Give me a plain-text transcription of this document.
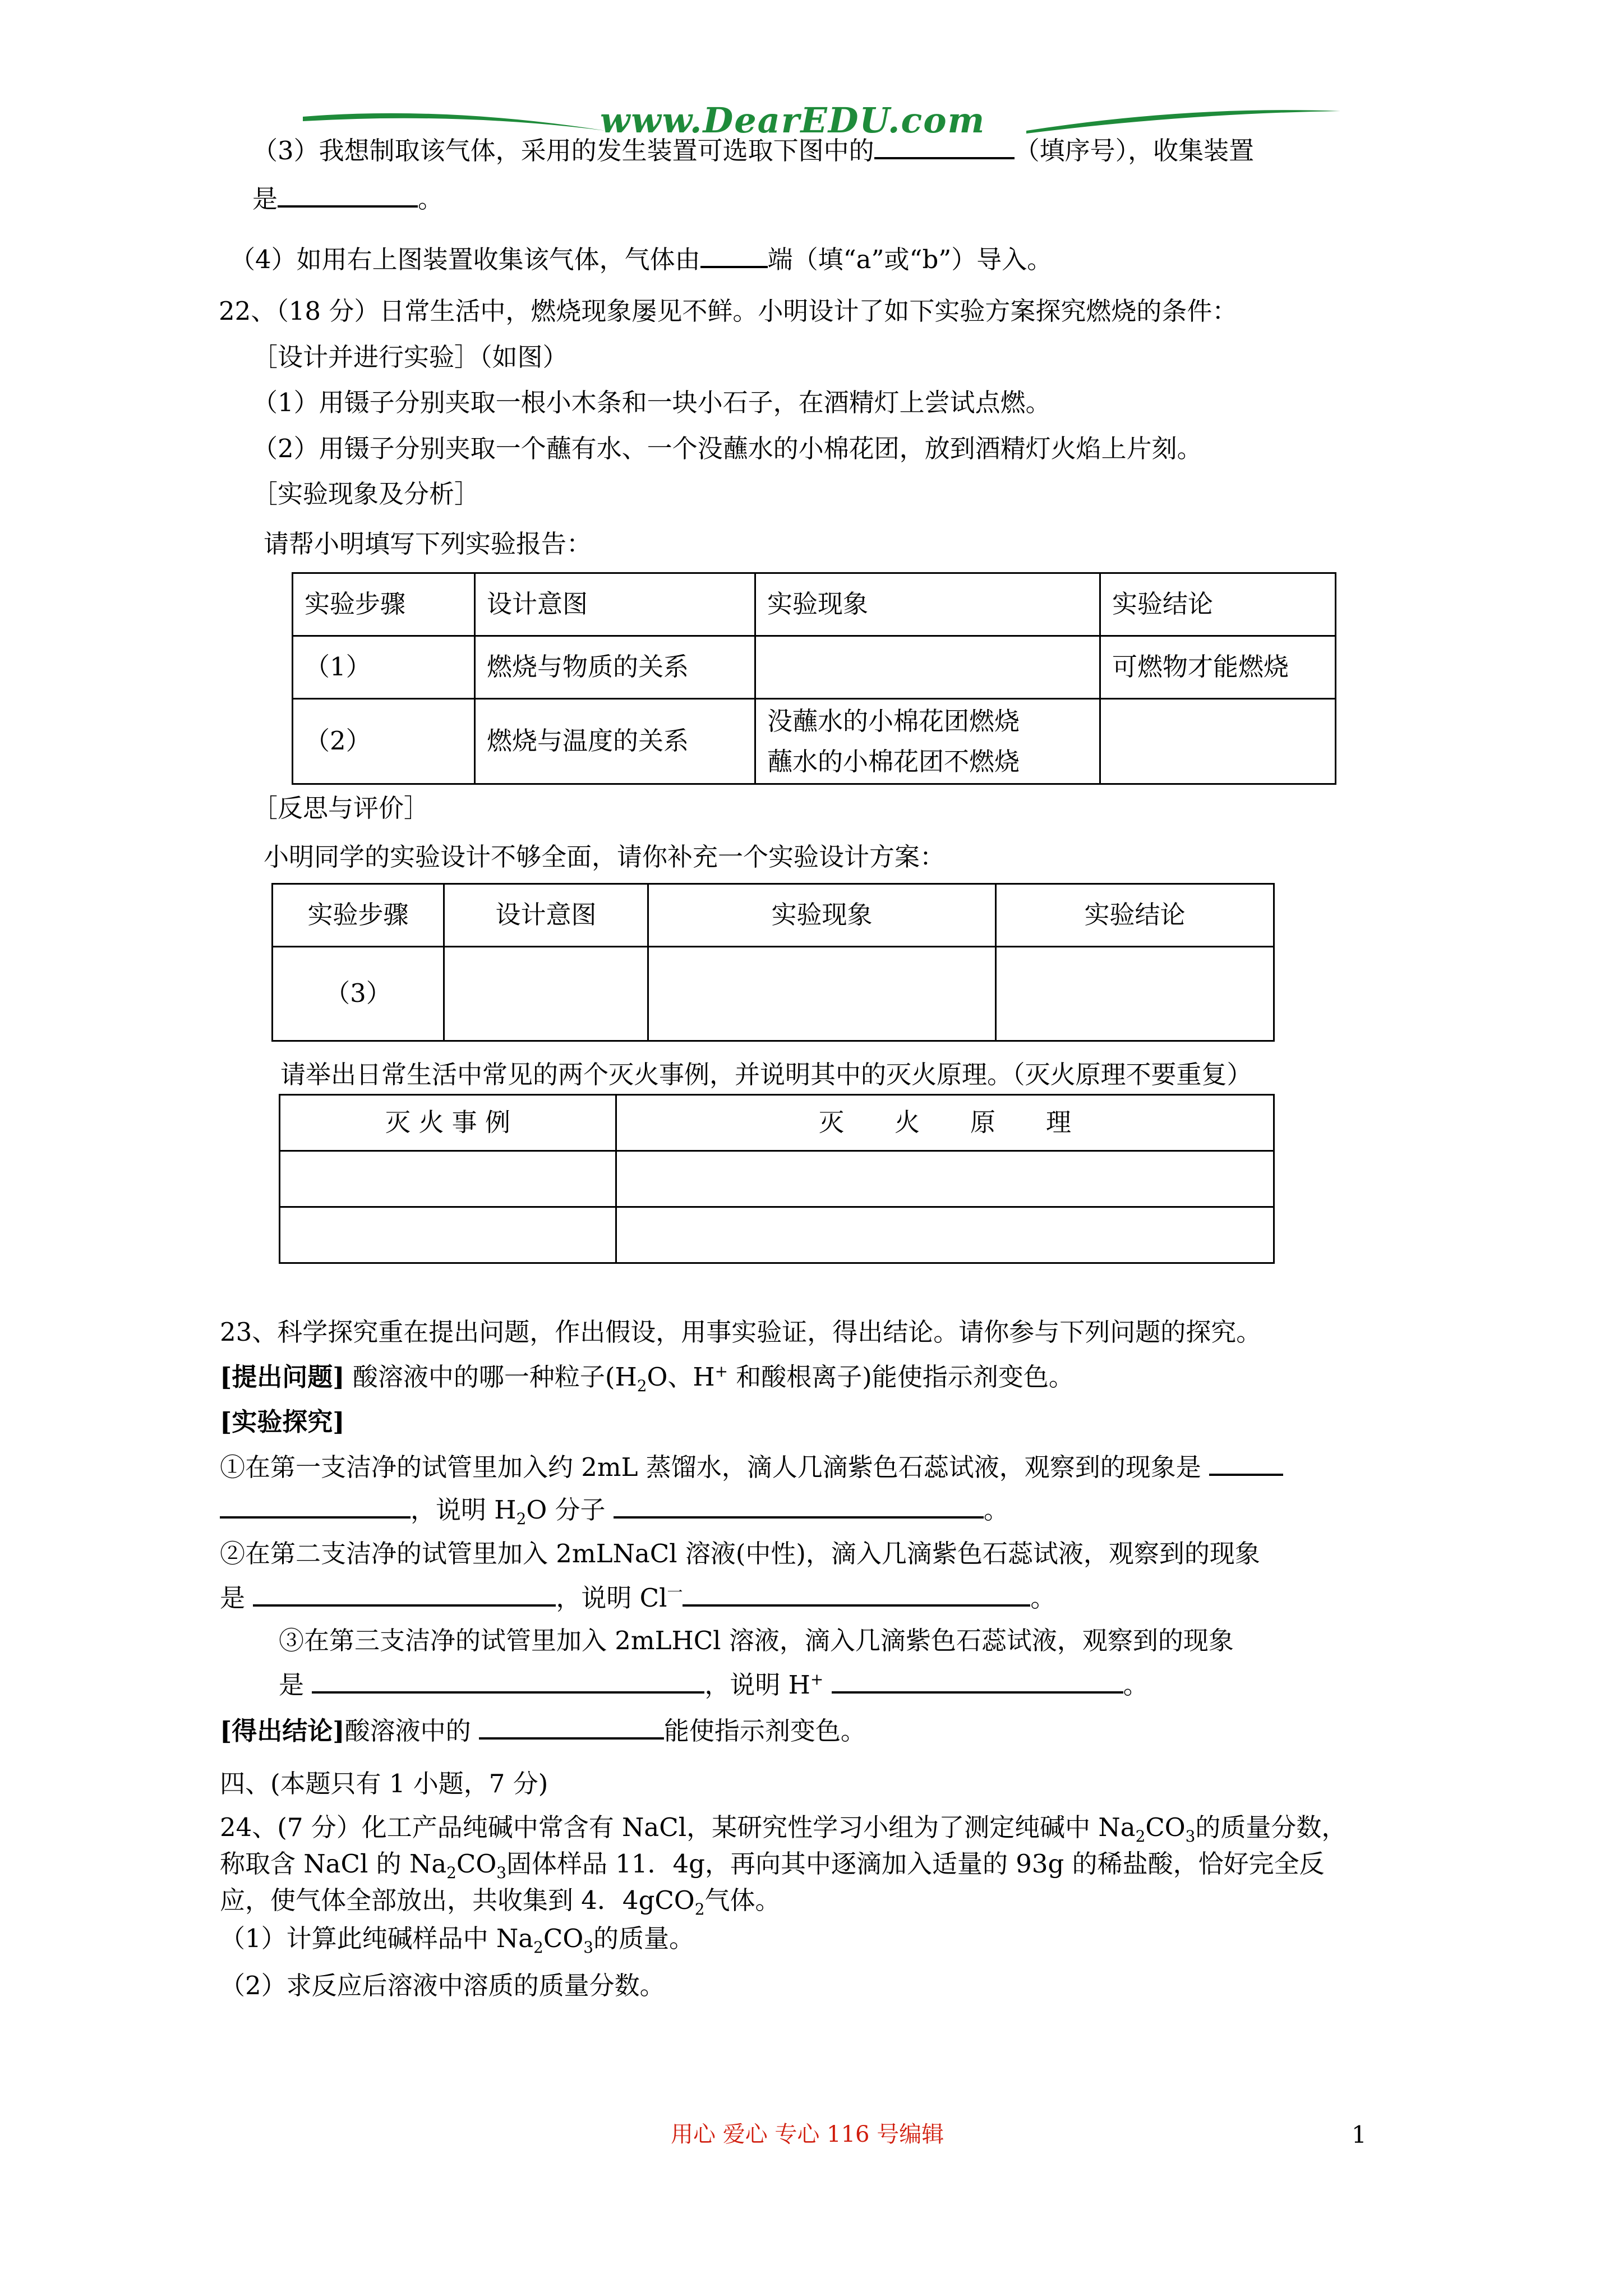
www.DearEDU.com
（3）我想制取该气体，采用的发生装置可选取下图中的	（填序号），收集装置
是	。
（4）如用右上图装置收集该气体，气体由	端（填“a”或“b”）导入。
22、（18 分）日常生活中，燃烧现象屡见不鲜。小明设计了如下实验方案探究燃烧的条件：
［设计并进行实验］（如图）
（1）用镊子分别夹取一根小木条和一块小石子，在酒精灯上尝试点燃。
（2）用镊子分别夹取一个蘸有水、一个没蘸水的小棉花团，放到酒精灯火焰上片刻。
［实验现象及分析］
请帮小明填写下列实验报告：
实验步骤	设计意图	实验现象	实验结论
（1）	燃烧与物质的关系		可燃物才能燃烧
（2）	燃烧与温度的关系	没蘸水的小棉花团燃烧
蘸水的小棉花团不燃烧	

［反思与评价］
小明同学的实验设计不够全面，请你补充一个实验设计方案：
实验步骤	设计意图	实验现象	实验结论
（3）			
请举出日常生活中常见的两个灭火事例，并说明其中的灭火原理。（灭火原理不要重复）
灭 火 事 例	灭　　火　　原　　理

23、科学探究重在提出问题，作出假设，用事实验证，得出结论。请你参与下列问题的探究。
[提出问题] 酸溶液中的哪一种粒子($H_2O$、H+ 和酸根离子)能使指示剂变色。
[实验探究]
①在第一支洁净的试管里加入约 2mL 蒸馏水，滴人几滴紫色石蕊试液，观察到的现象是
，说明 $H_2O$ 分子	。
②在第二支洁净的试管里加入 2mLNaCl 溶液(中性)，滴入几滴紫色石蕊试液，观察到的现象
是	，说明 $Cl^一$	。
③在第三支洁净的试管里加入 2mLHCl 溶液，滴入几滴紫色石蕊试液，观察到的现象
是	，说明 H+	。
[得出结论]酸溶液中的	能使指示剂变色。
四、(本题只有 1 小题，7 分)
24、(7 分）化工产品纯碱中常含有 NaCl，某研究性学习小组为了测定纯碱中 $Na_2CO_3$的质量分数，
称取含 NaCl 的 $Na_2CO_3$固体样品 11．4g，再向其中逐滴加入适量的 93g 的稀盐酸，恰好完全反
应，使气体全部放出，共收集到 4．4gCO$_2$气体。
（1）计算此纯碱样品中 $Na_2CO_3$的质量。
（2）求反应后溶液中溶质的质量分数。
用心 爱心 专心 116 号编辑	1
